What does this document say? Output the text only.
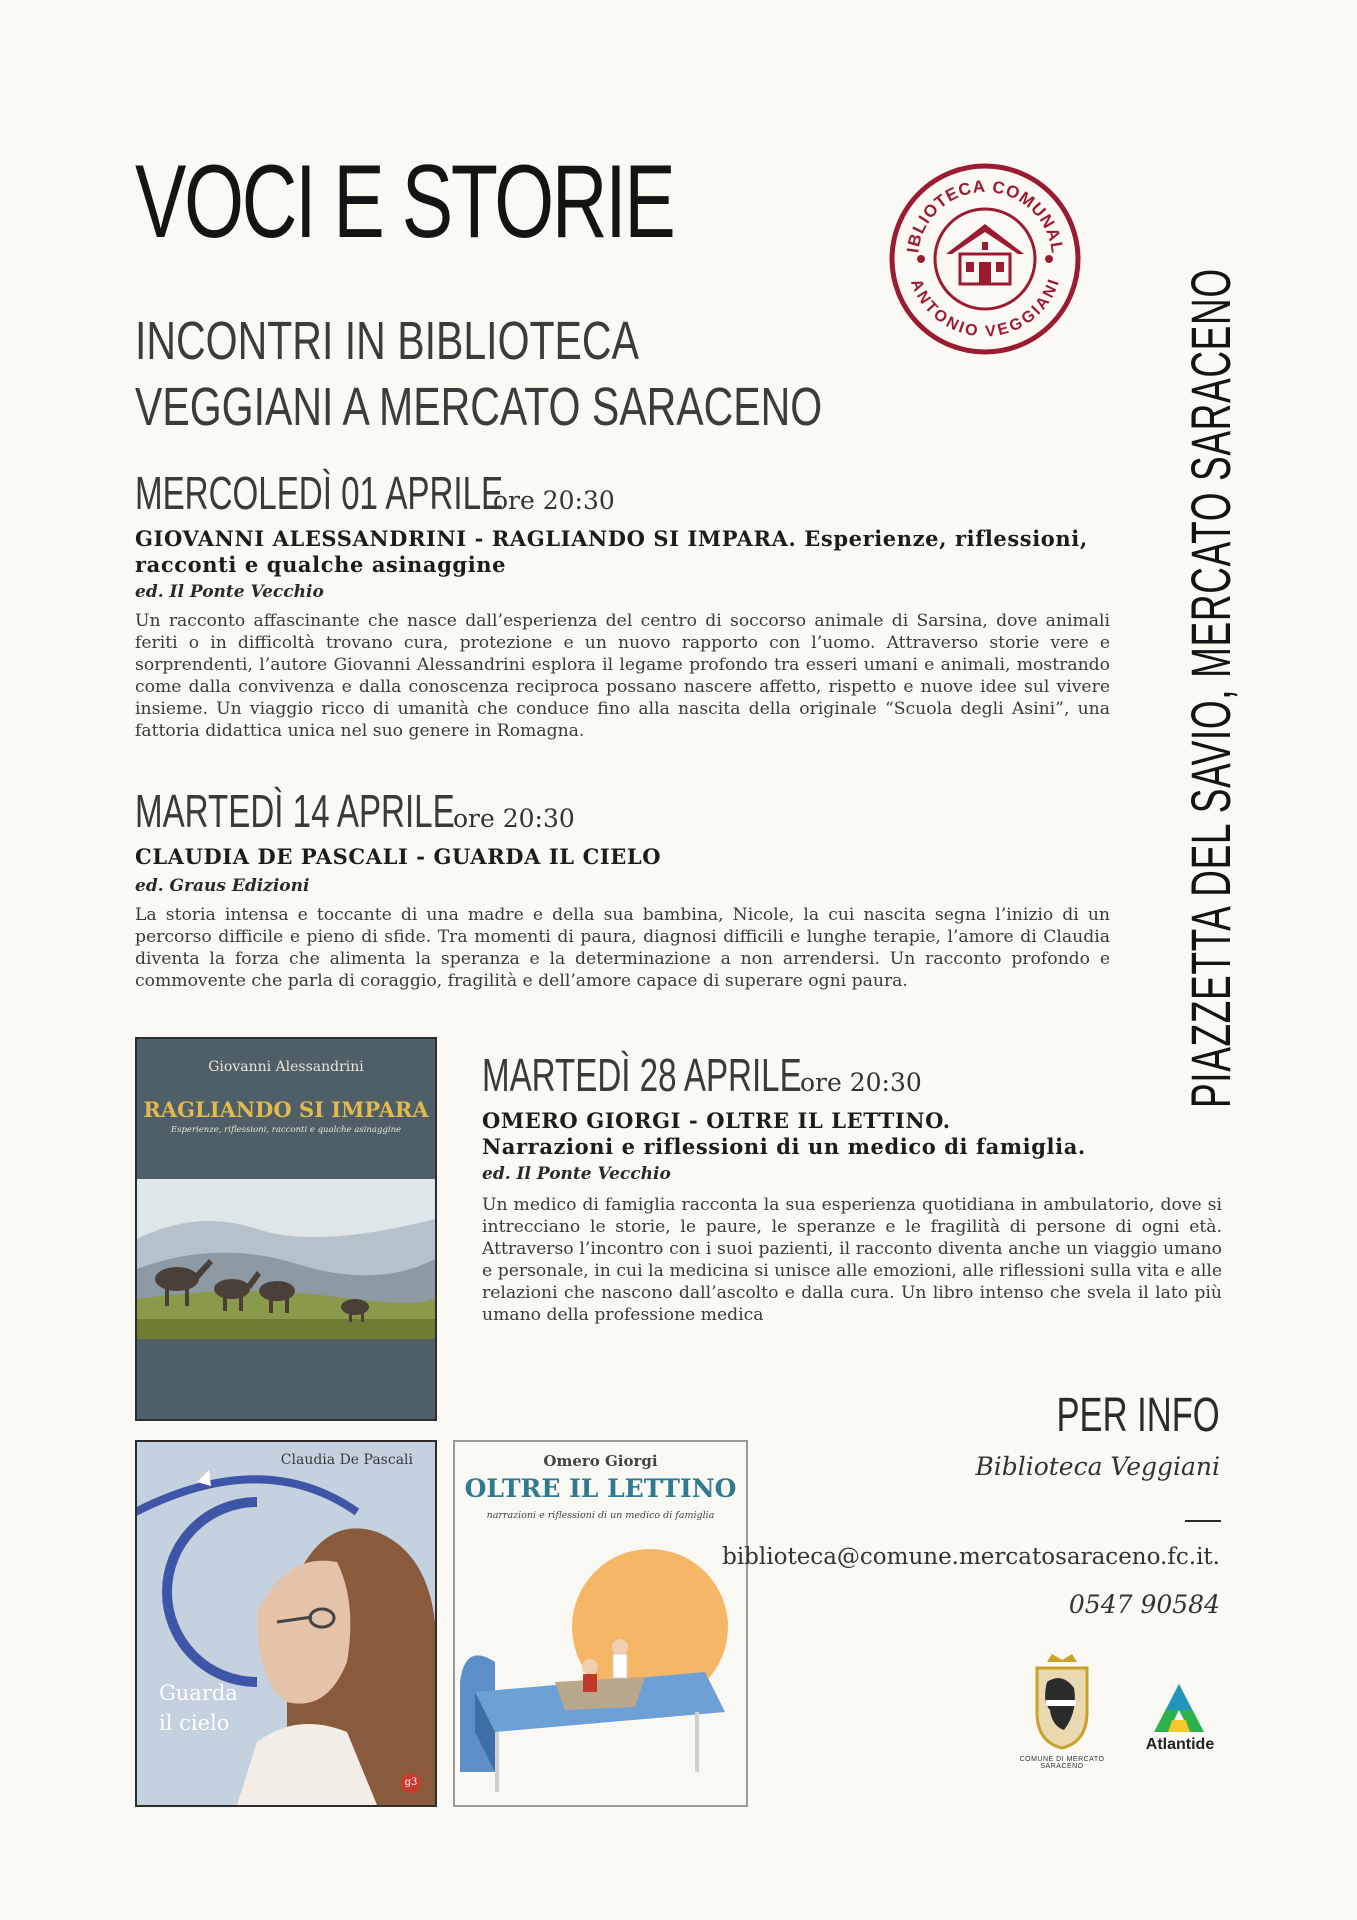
VOCI E STORIE
INCONTRI IN BIBLIOTECA
VEGGIANI A MERCATO SARACENO
IBLIOTECA COMUNAL
ANTONIO VEGGIANI PIAZZETTA DEL SAVIO, MERCATO SARACENO
MERCOLEDÌ 01 APRILE
ore 20:30
GIOVANNI ALESSANDRINI - RAGLIANDO SI IMPARA. Esperienze, riflessioni, racconti e qualche asinaggine
ed. Il Ponte Vecchio
Un racconto affascinante che nasce dall’esperienza del centro di soccorso animale di Sarsina, dove animali feriti o in difficoltà trovano cura, protezione e un nuovo rapporto con l’uomo. Attraverso storie vere e sorprendenti, l’autore Giovanni Alessandrini esplora il legame profondo tra esseri umani e animali, mostrando come dalla convivenza e dalla conoscenza reciproca possano nascere affetto, rispetto e nuove idee sul vivere insieme. Un viaggio ricco di umanità che conduce fino alla nascita della originale “Scuola degli Asini”, una fattoria didattica unica nel suo genere in Romagna.
MARTEDÌ 14 APRILE
ore 20:30
CLAUDIA DE PASCALI - GUARDA IL CIELO
ed. Graus Edizioni
La storia intensa e toccante di una madre e della sua bambina, Nicole, la cui nascita segna l’inizio di un percorso difficile e pieno di sfide. Tra momenti di paura, diagnosi difficili e lunghe terapie, l’amore di Claudia diventa la forza che alimenta la speranza e la determinazione a non arrendersi. Un racconto profondo e commovente che parla di coraggio, fragilità e dell’amore capace di superare ogni paura.
MARTEDÌ 28 APRILE
ore 20:30
OMERO GIORGI - OLTRE IL LETTINO.
Narrazioni e riflessioni di un medico di famiglia.
ed. Il Ponte Vecchio
Un medico di famiglia racconta la sua esperienza quotidiana in ambulatorio, dove si intrecciano le storie, le paure, le speranze e le fragilità di persone di ogni età. Attraverso l’incontro con i suoi pazienti, il racconto diventa anche un viaggio umano e personale, in cui la medicina si unisce alle emozioni, alle riflessioni sulla vita e alle relazioni che nascono dall’ascolto e dalla cura. Un libro intenso che svela il lato più umano della professione medica
Giovanni Alessandrini
RAGLIANDO SI IMPARA
Esperienze, riflessioni, racconti e qualche asinaggine
Claudia De Pascali
Guarda il cielo
g3
Omero Giorgi
OLTRE IL LETTINO
narrazioni e riflessioni di un medico di famiglia
PER INFO
Biblioteca Veggiani
biblioteca@comune.mercatosaraceno.fc.it.
0547 90584
COMUNE DI MERCATO SARACENO
Atlantide
